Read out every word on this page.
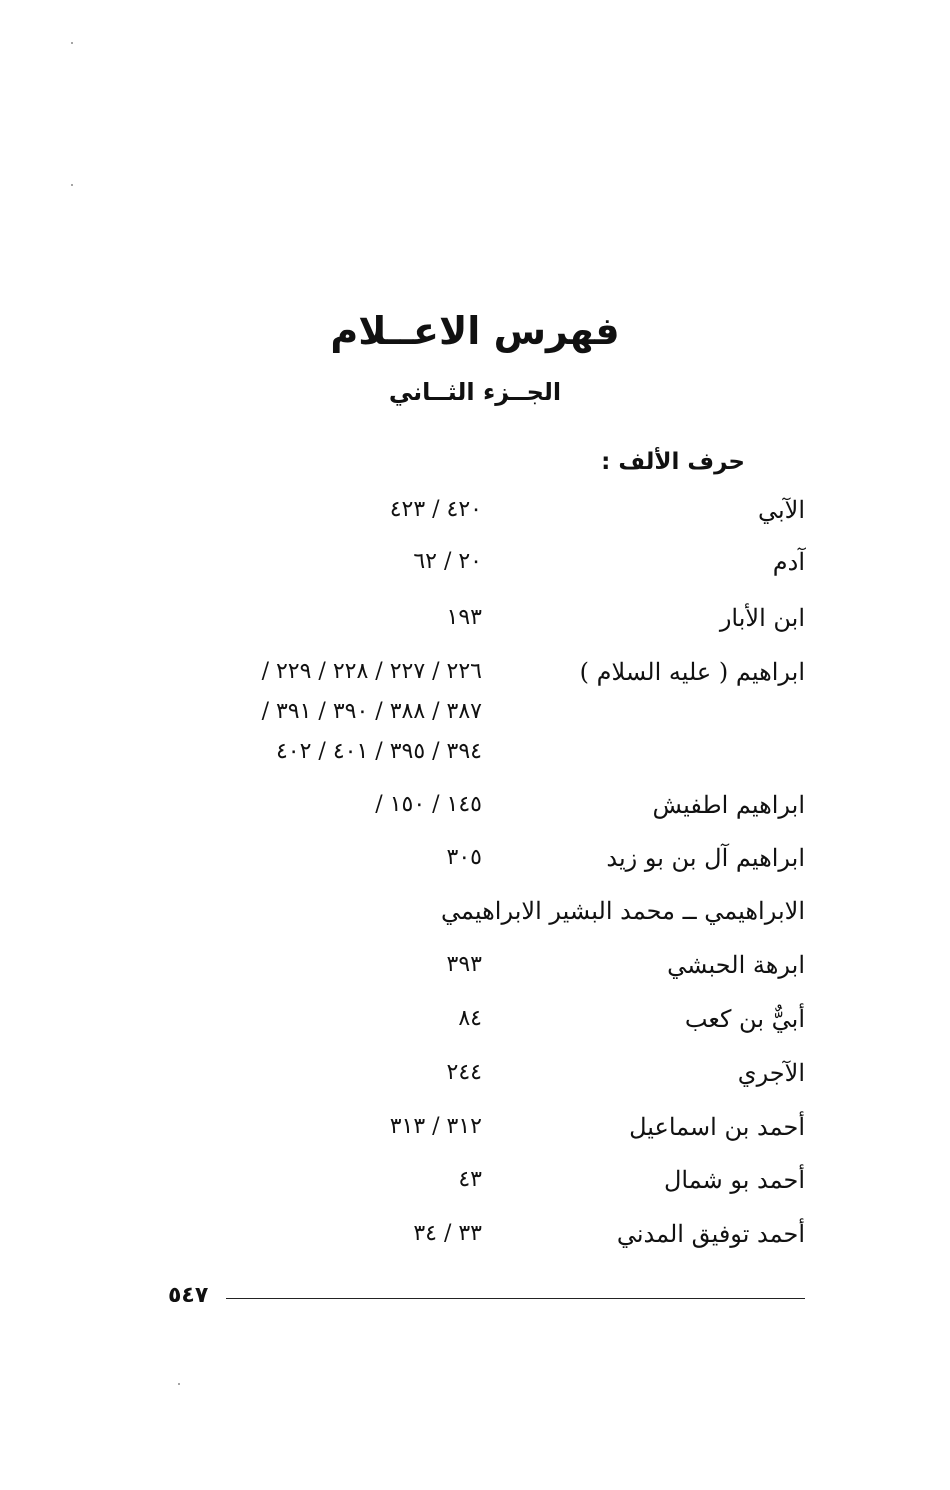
فهرس الاعــلام
الجــزء الثــاني
حرف الألف :
الآبي
٤٢٠ / ٤٢٣
آدم
٢٠ / ٦٢
ابن الأبار
١٩٣
ابراهيم ( عليه السلام )
٢٢٦ / ٢٢٧ / ٢٢٨ / ٢٢٩ /
٣٨٧ / ٣٨٨ / ٣٩٠ / ٣٩١ /
٣٩٤ / ٣٩٥ / ٤٠١ / ٤٠٢
ابراهيم اطفيش
١٤٥ / ١٥٠ /
ابراهيم آل بن بو زيد
٣٠٥
الابراهيمي ــ محمد البشير الابراهيمي
ابرهة الحبشي
٣٩٣
أبيٌّ بن كعب
٨٤
الآجري
٢٤٤
أحمد بن اسماعيل
٣١٢ / ٣١٣
أحمد بو شمال
٤٣
أحمد توفيق المدني
٣٣ / ٣٤
٥٤٧
